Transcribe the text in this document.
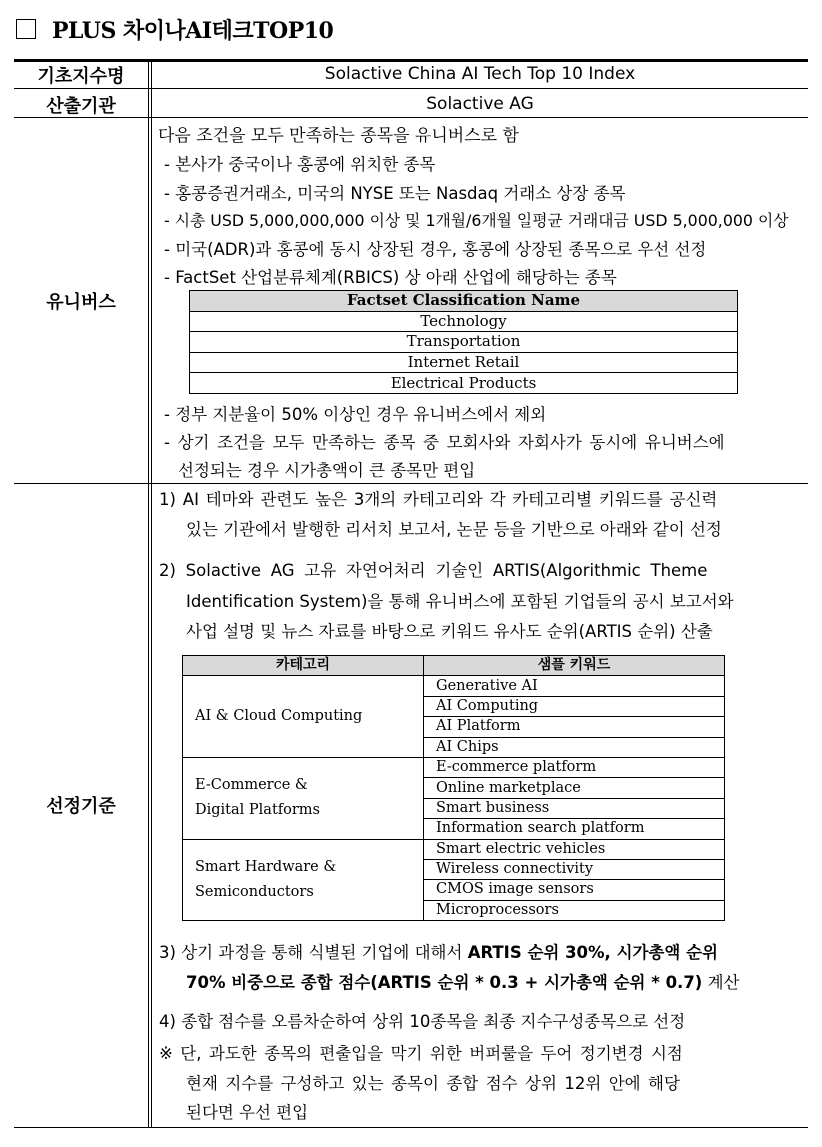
PLUS 차이나AI테크TOP10
기초지수명	Solactive China AI Tech Top 10 Index
산출기관	Solactive AG
유니버스
다음 조건을 모두 만족하는 종목을 유니버스로 함
- 본사가 중국이나 홍콩에 위치한 종목
- 홍콩증권거래소, 미국의 NYSE 또는 Nasdaq 거래소 상장 종목
- 시총 USD 5,000,000,000 이상 및 1개월/6개월 일평균 거래대금 USD 5,000,000 이상
- 미국(ADR)과 홍콩에 동시 상장된 경우, 홍콩에 상장된 종목으로 우선 선정
- FactSet 산업분류체계(RBICS) 상 아래 산업에 해당하는 종목
Factset Classification Name
Technology
Transportation
Internet Retail
Electrical Products
- 정부 지분율이 50% 이상인 경우 유니버스에서 제외
- 상기 조건을 모두 만족하는 종목 중 모회사와 자회사가 동시에 유니버스에
선정되는 경우 시가총액이 큰 종목만 편입
선정기준
1) AI 테마와 관련도 높은 3개의 카테고리와 각 카테고리별 키워드를 공신력
있는 기관에서 발행한 리서치 보고서, 논문 등을 기반으로 아래와 같이 선정
2) Solactive AG 고유 자연어처리 기술인 ARTIS(Algorithmic Theme
Identification System)을 통해 유니버스에 포함된 기업들의 공시 보고서와
사업 설명 및 뉴스 자료를 바탕으로 키워드 유사도 순위(ARTIS 순위) 산출
카테고리	샘플 키워드
AI & Cloud Computing	Generative AI
	AI Computing
	AI Platform
	AI Chips
E-Commerce &
Digital Platforms	E-commerce platform
	Online marketplace
	Smart business
	Information search platform
Smart Hardware &
Semiconductors	Smart electric vehicles
	Wireless connectivity
	CMOS image sensors
	Microprocessors
3) 상기 과정을 통해 식별된 기업에 대해서 ARTIS 순위 30%, 시가총액 순위
70% 비중으로 종합 점수(ARTIS 순위 * 0.3 + 시가총액 순위 * 0.7) 계산
4) 종합 점수를 오름차순하여 상위 10종목을 최종 지수구성종목으로 선정
※ 단, 과도한 종목의 편출입을 막기 위한 버퍼룰을 두어 정기변경 시점
현재 지수를 구성하고 있는 종목이 종합 점수 상위 12위 안에 해당
된다면 우선 편입
